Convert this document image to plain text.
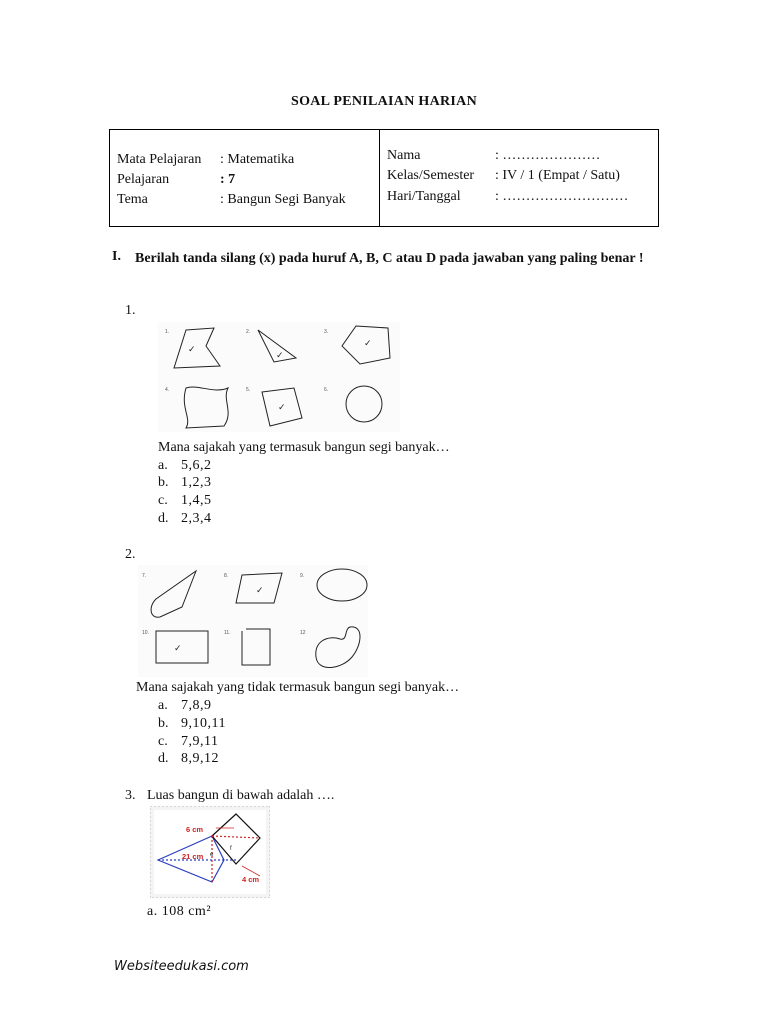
SOAL PENILAIAN HARIAN
Mata Pelajaran : Matematika
Pelajaran	: 7
Tema	: Bangun Segi Banyak
Nama	: …………………
Kelas/Semester : IV / 1 (Empat / Satu)
Hari/Tanggal : ………………………
I. Berilah tanda silang (x) pada huruf A, B, C atau D pada jawaban yang paling benar !
1.
1.	2.	3.
4.	5.	6.
✓
✓
✓
✓
Mana sajakah yang termasuk bangun segi banyak…
a. 5,6,2
b. 1,2,3
c. 1,4,5
d. 2,3,4
2.
7.	8.	9.
10.	11.	12
✓
✓
Mana sajakah yang tidak termasuk bangun segi banyak…
a. 7,8,9
b. 9,10,11
c. 7,9,11
d. 8,9,12
3. Luas bangun di bawah adalah ….
6 cm
21 cm
4 cm
e
f
a. 108 cm²
Websiteedukasi.com
